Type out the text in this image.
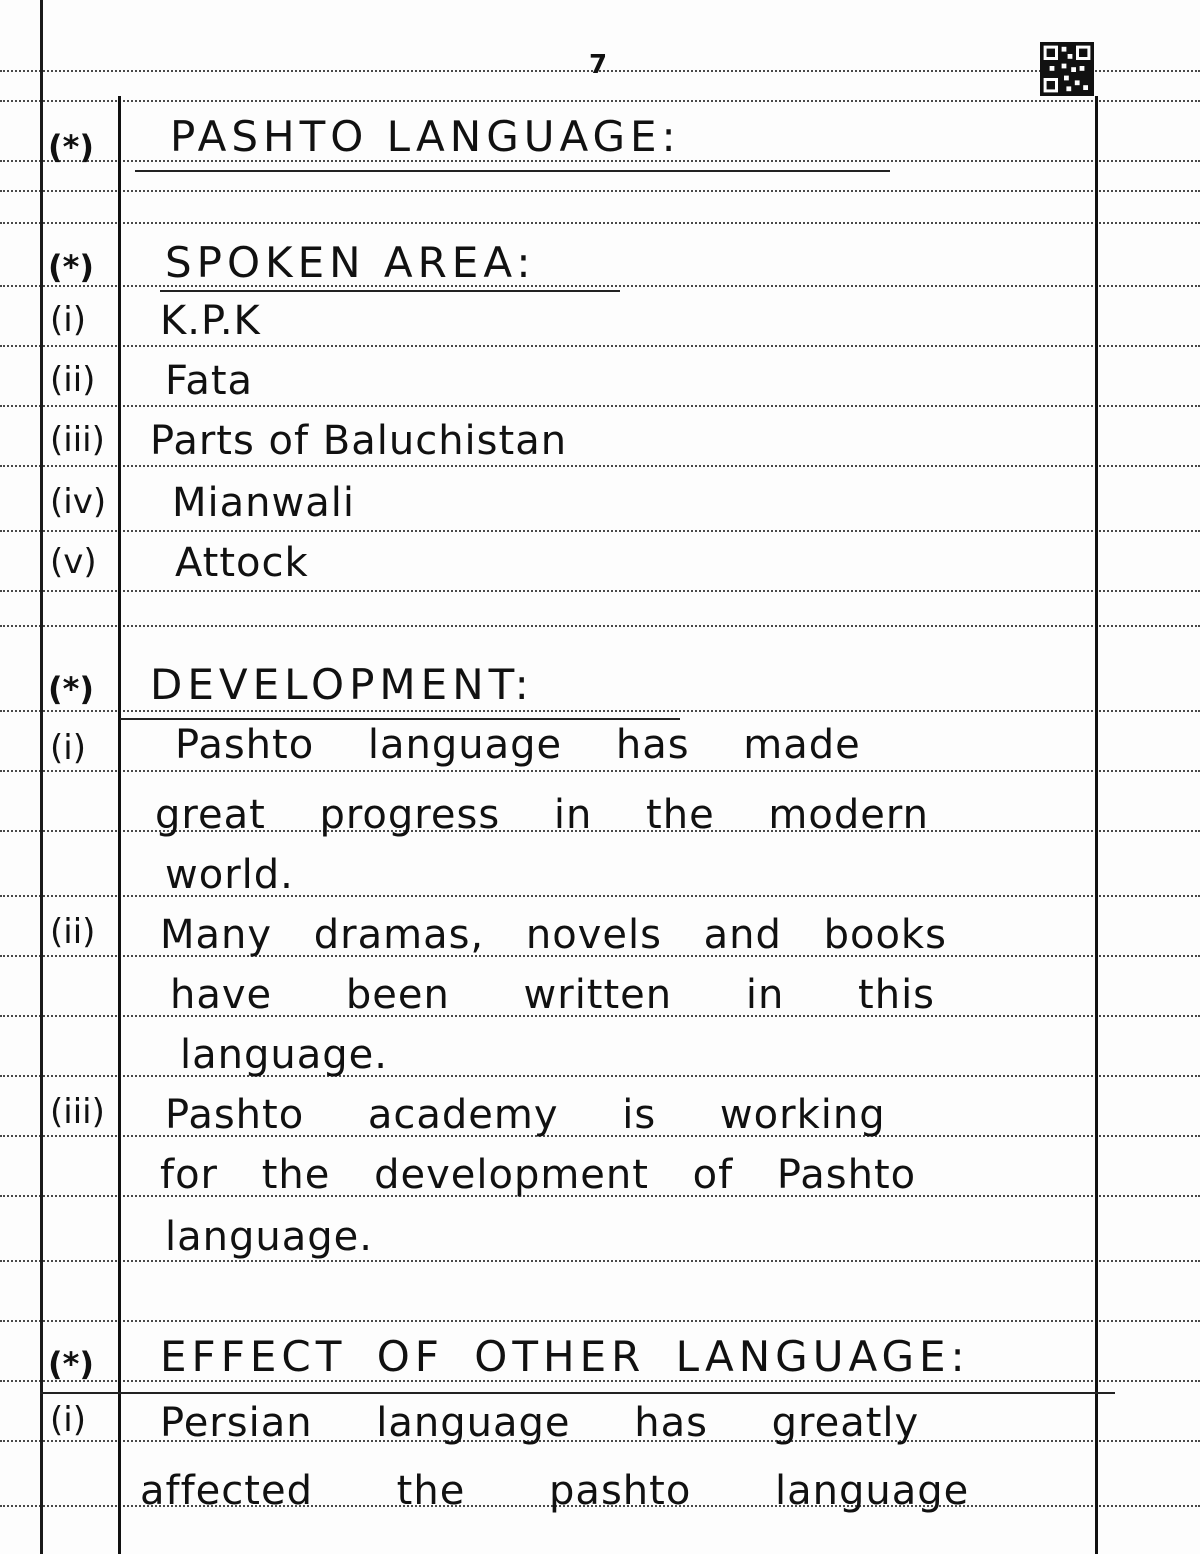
7
(*) PASHTO LANGUAGE:
(*) SPOKEN AREA:
(i) K.P.K
(ii) Fata
(iii) Parts of Baluchistan
(iv) Mianwali
(v) Attock
(*) DEVELOPMENT:
(i) Pashto language has made
great progress in the modern
world.
(ii) Many dramas, novels and books
have been written in this
language.
(iii) Pashto academy is working
for the development of Pashto
language.
(*) EFFECT OF OTHER LANGUAGE:
(i) Persian language has greatly
affected the pashto language
